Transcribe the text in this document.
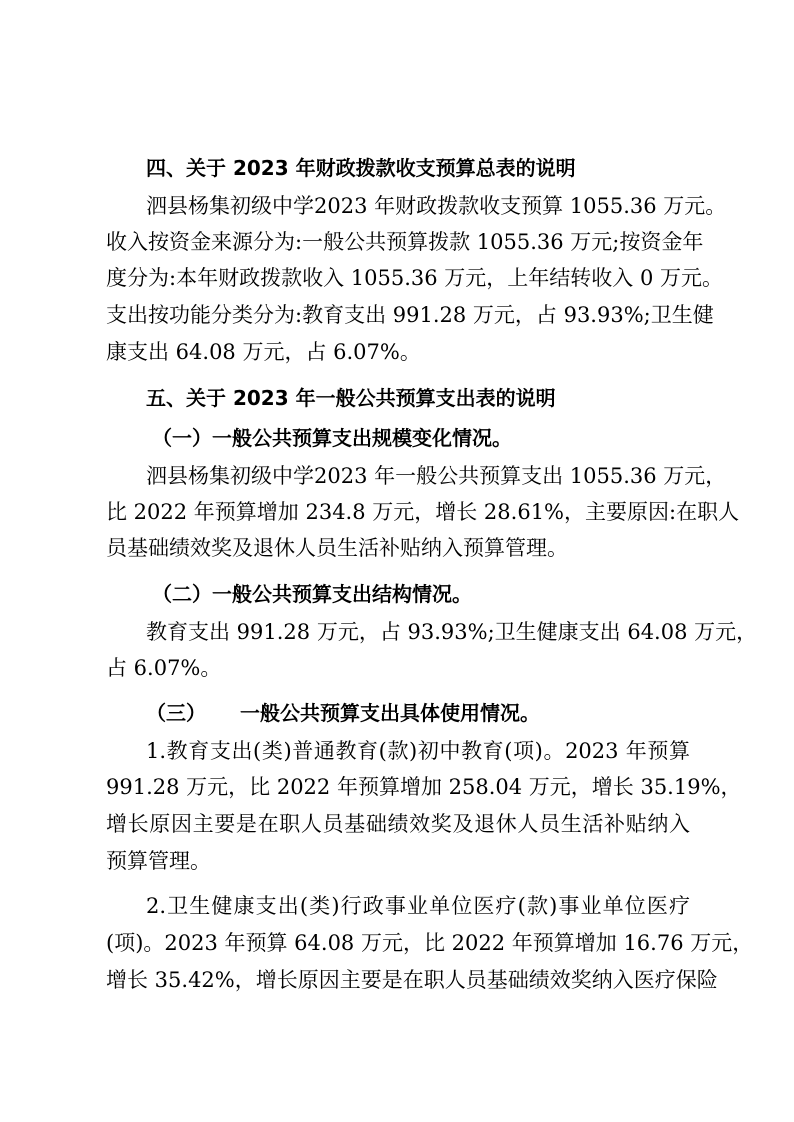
四、关于 2023 年财政拨款收支预算总表的说明
泗县杨集初级中学2023 年财政拨款收支预算 1055.36 万元。
收入按资金来源分为:一般公共预算拨款 1055.36 万元;按资金年
度分为:本年财政拨款收入 1055.36 万元，上年结转收入 0 万元。
支出按功能分类分为:教育支出 991.28 万元，占 93.93%;卫生健
康支出 64.08 万元，占 6.07%。
五、关于 2023 年一般公共预算支出表的说明
（一）一般公共预算支出规模变化情况。
泗县杨集初级中学2023 年一般公共预算支出 1055.36 万元，
比 2022 年预算增加 234.8 万元，增长 28.61%，主要原因:在职人
员基础绩效奖及退休人员生活补贴纳入预算管理。
（二）一般公共预算支出结构情况。
教育支出 991.28 万元，占 93.93%;卫生健康支出 64.08 万元，
占 6.07%。
（三） 一般公共预算支出具体使用情况。
1.教育支出(类)普通教育(款)初中教育(项)。2023 年预算
991.28 万元，比 2022 年预算增加 258.04 万元，增长 35.19%，
增长原因主要是在职人员基础绩效奖及退休人员生活补贴纳入
预算管理。
2.卫生健康支出(类)行政事业单位医疗(款)事业单位医疗
(项)。2023 年预算 64.08 万元，比 2022 年预算增加 16.76 万元，
增长 35.42%，增长原因主要是在职人员基础绩效奖纳入医疗保险
